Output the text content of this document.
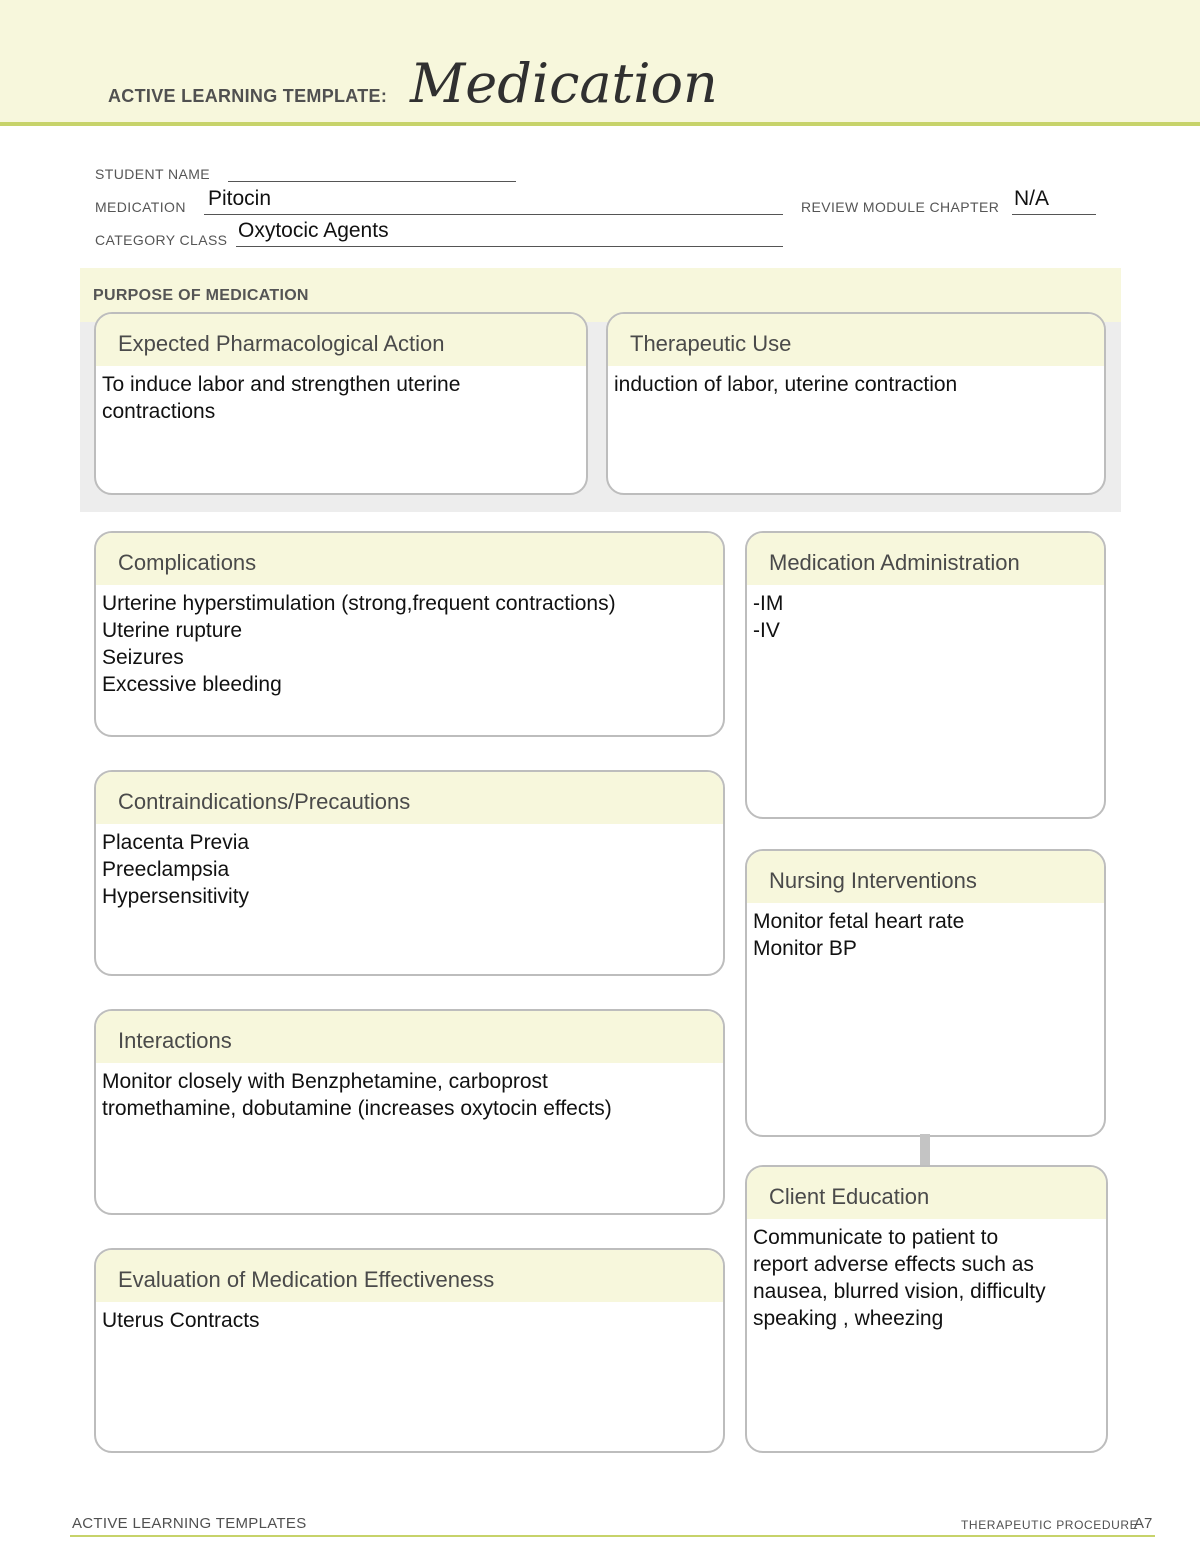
ACTIVE LEARNING TEMPLATE: Medication
STUDENT NAME
MEDICATION Pitocin	REVIEW MODULE CHAPTER N/A
CATEGORY CLASS Oxytocic Agents
PURPOSE OF MEDICATION
Expected Pharmacological Action
To induce labor and strengthen uterine
contractions
Therapeutic Use
induction of labor, uterine contraction
Complications
Urterine hyperstimulation (strong,frequent contractions)
Uterine rupture
Seizures
Excessive bleeding
Contraindications/Precautions
Placenta Previa
Preeclampsia
Hypersensitivity
Interactions
Monitor closely with Benzphetamine, carboprost
tromethamine, dobutamine (increases oxytocin effects)
Evaluation of Medication Effectiveness
Uterus Contracts
Medication Administration
-IM
-IV
Nursing Interventions
Monitor fetal heart rate
Monitor BP
Client Education
Communicate to patient to
report adverse effects such as
nausea, blurred vision, difficulty
speaking , wheezing
ACTIVE LEARNING TEMPLATES	THERAPEUTIC PROCEDURE
A7
